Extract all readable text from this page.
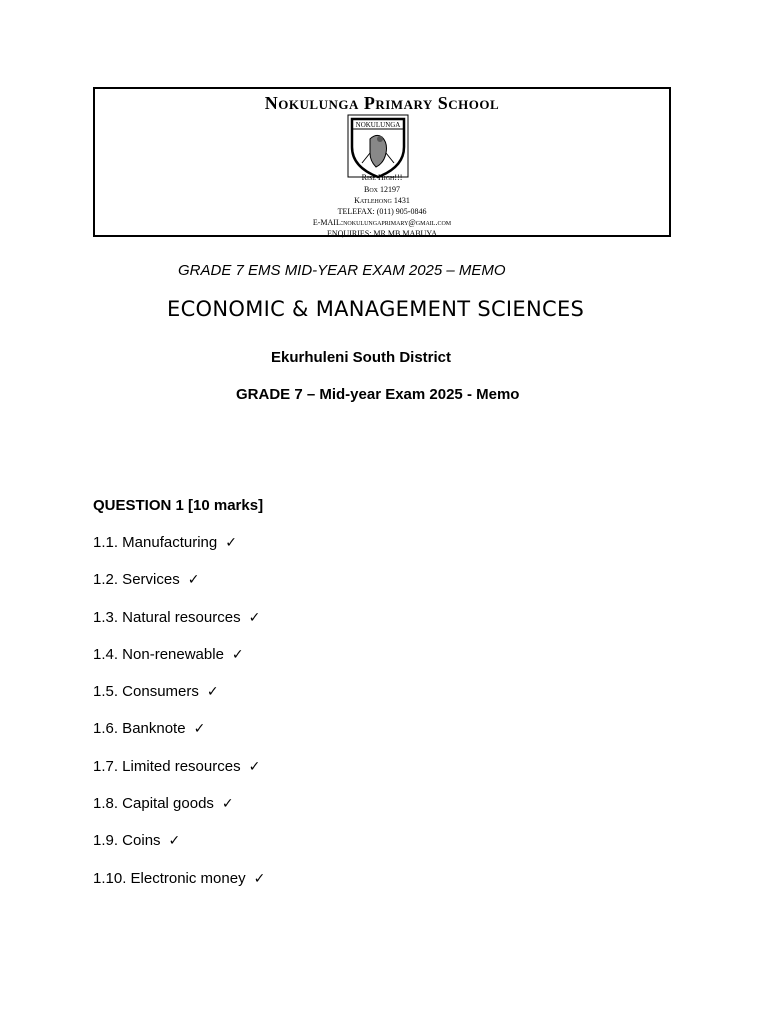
Nokulunga Primary School
NOKULUNGA
Rise High!!!
Box 12197
Katlehong 1431
TELEFAX: (011) 905-0846
E-MAIL:nokulungaprimary@gmail.com
ENQUIRIES: MR MB MABUYA
GRADE 7 EMS MID-YEAR EXAM 2025 – MEMO
ECONOMIC & MANAGEMENT SCIENCES
Ekurhuleni South District
GRADE 7 – Mid-year Exam 2025 - Memo
QUESTION 1 [10 marks]
1.1. Manufacturing ✓
1.2. Services ✓
1.3. Natural resources ✓
1.4. Non-renewable ✓
1.5. Consumers ✓
1.6. Banknote ✓
1.7. Limited resources ✓
1.8. Capital goods ✓
1.9. Coins ✓
1.10. Electronic money ✓
